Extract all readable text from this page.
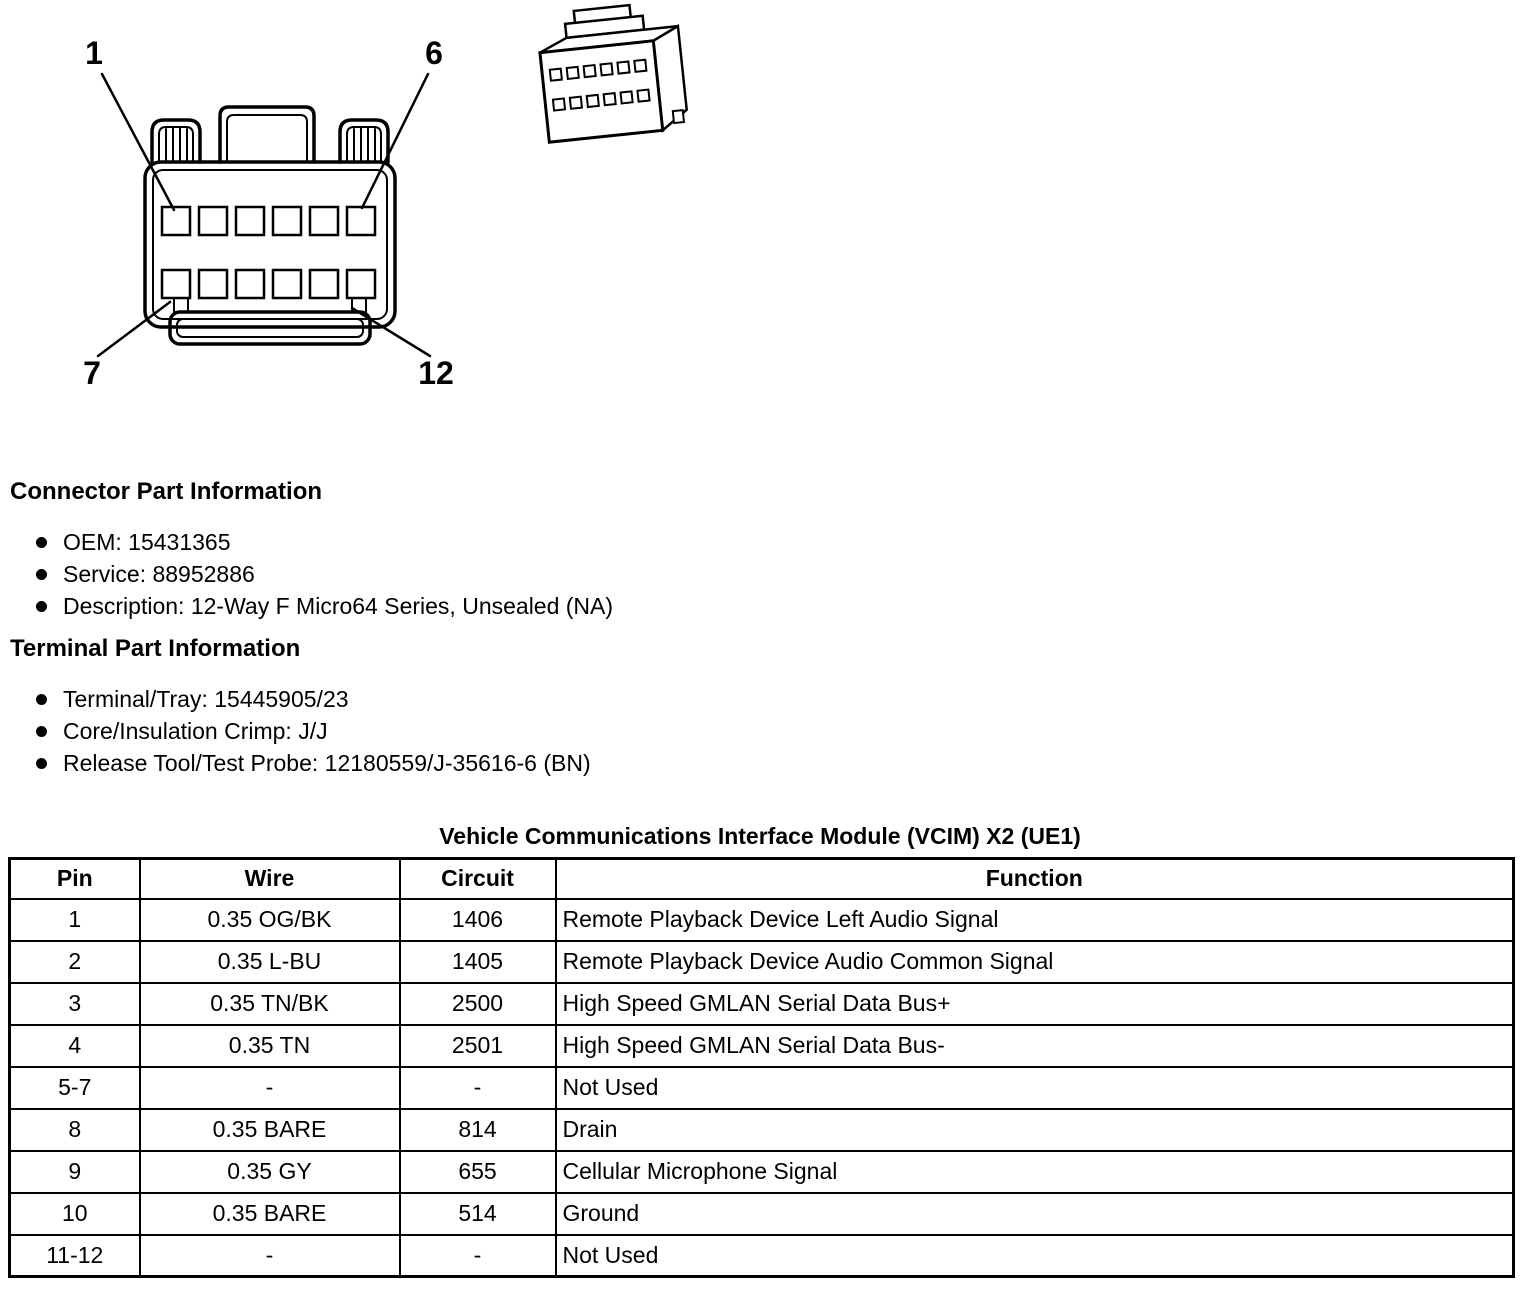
1	6
7	12
Connector Part Information
OEM: 15431365
Service: 88952886
Description: 12-Way F Micro64 Series, Unsealed (NA)
Terminal Part Information
Terminal/Tray: 15445905/23
Core/Insulation Crimp: J/J
Release Tool/Test Probe: 12180559/J-35616-6 (BN)
Vehicle Communications Interface Module (VCIM) X2 (UE1)
Pin	Wire	Circuit	Function
1	0.35 OG/BK	1406	Remote Playback Device Left Audio Signal
2	0.35 L-BU	1405	Remote Playback Device Audio Common Signal
3	0.35 TN/BK	2500	High Speed GMLAN Serial Data Bus+
4	0.35 TN	2501	High Speed GMLAN Serial Data Bus-
5-7	-	-	Not Used
8	0.35 BARE	814	Drain
9	0.35 GY	655	Cellular Microphone Signal
10	0.35 BARE	514	Ground
11-12	-	-	Not Used
